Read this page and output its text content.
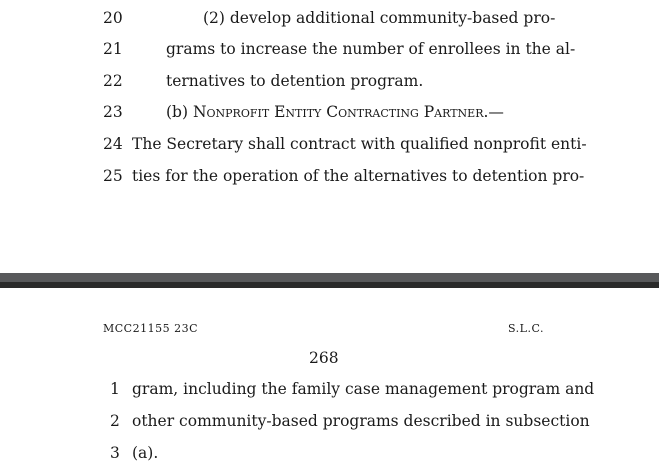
20	(2) develop additional community-based pro-
21	grams to increase the number of enrollees in the al-
22	ternatives to detention program.
23	(b) Nonprofit Entity Contracting Partner.—
24 The Secretary shall contract with qualified nonprofit enti-
25 ties for the operation of the alternatives to detention pro-
MCC21155 23C	S.L.C.
268
1 gram, including the family case management program and
2 other community-based programs described in subsection
3 (a).
